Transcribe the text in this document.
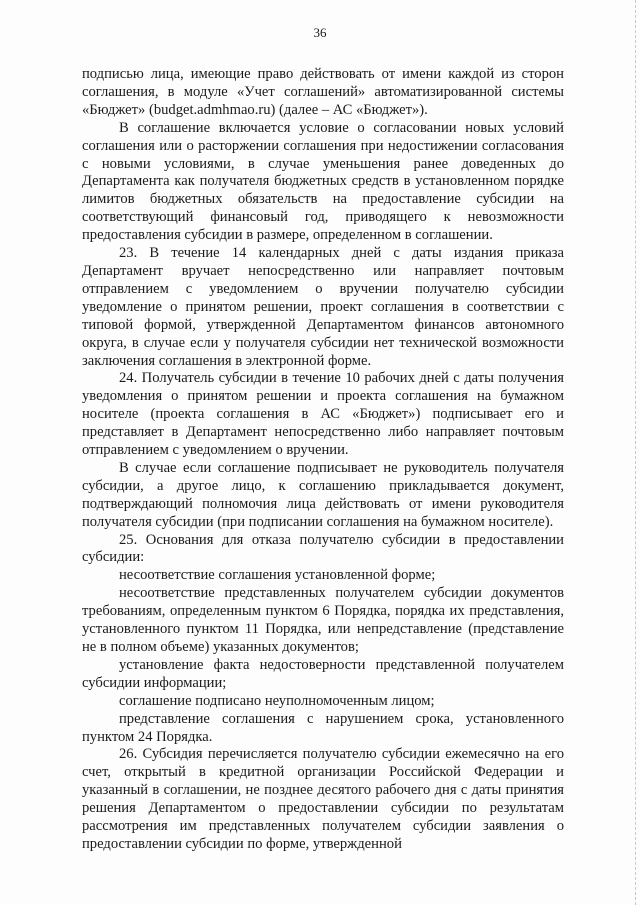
36

подписью лица, имеющие право действовать от имени каждой из сторон соглашения, в модуле «Учет соглашений» автоматизированной системы «Бюджет» (budget.admhmao.ru) (далее – АС «Бюджет»).

В соглашение включается условие о согласовании новых условий соглашения или о расторжении соглашения при недостижении согласования с новыми условиями, в случае уменьшения ранее доведенных до Департамента как получателя бюджетных средств в установленном порядке лимитов бюджетных обязательств на предоставление субсидии на соответствующий финансовый год, приводящего к невозможности предоставления субсидии в размере, определенном в соглашении.

23. В течение 14 календарных дней с даты издания приказа Департамент вручает непосредственно или направляет почтовым отправлением с уведомлением о вручении получателю субсидии уведомление о принятом решении, проект соглашения в соответствии с типовой формой, утвержденной Департаментом финансов автономного округа, в случае если у получателя субсидии нет технической возможности заключения соглашения в электронной форме.

24. Получатель субсидии в течение 10 рабочих дней с даты получения уведомления о принятом решении и проекта соглашения на бумажном носителе (проекта соглашения в АС «Бюджет») подписывает его и представляет в Департамент непосредственно либо направляет почтовым отправлением с уведомлением о вручении.

В случае если соглашение подписывает не руководитель получателя субсидии, а другое лицо, к соглашению прикладывается документ, подтверждающий полномочия лица действовать от имени руководителя получателя субсидии (при подписании соглашения на бумажном носителе).

25. Основания для отказа получателю субсидии в предоставлении субсидии:

несоответствие соглашения установленной форме;

несоответствие представленных получателем субсидии документов требованиям, определенным пунктом 6 Порядка, порядка их представления, установленного пунктом 11 Порядка, или непредставление (представление не в полном объеме) указанных документов;

установление факта недостоверности представленной получателем субсидии информации;

соглашение подписано неуполномоченным лицом;

представление соглашения с нарушением срока, установленного пунктом 24 Порядка.

26. Субсидия перечисляется получателю субсидии ежемесячно на его счет, открытый в кредитной организации Российской Федерации и указанный в соглашении, не позднее десятого рабочего дня с даты принятия решения Департаментом о предоставлении субсидии по результатам рассмотрения им представленных получателем субсидии заявления о предоставлении субсидии по форме, утвержденной
